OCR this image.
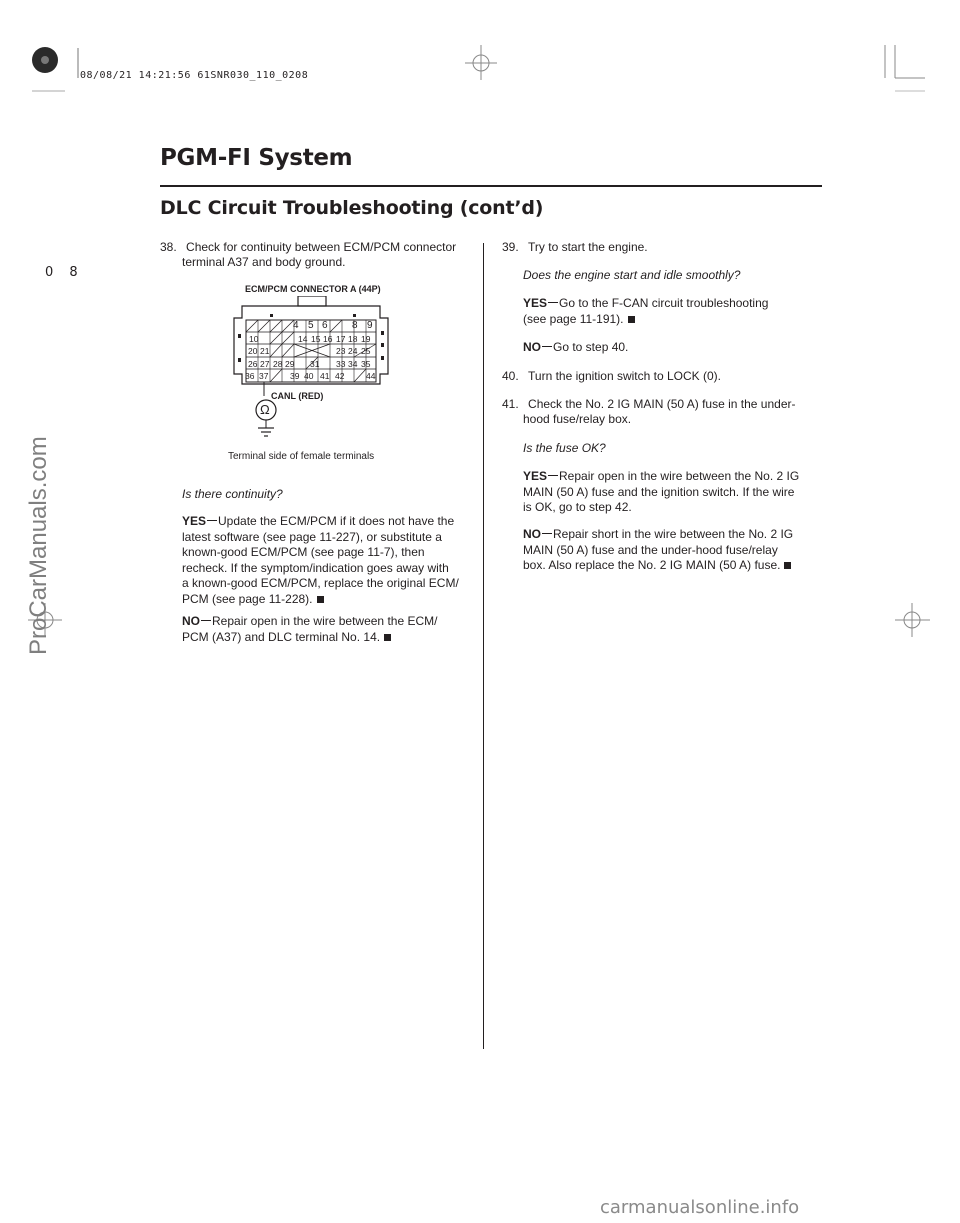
08/08/21 14:21:56 61SNR030_110_0208
0 8
PGM-FI System
DLC Circuit Troubleshooting (cont’d)
38. Check for continuity between ECM/PCM connector
terminal A37 and body ground.
ECM/PCM CONNECTOR A (44P)
4 5 6 8 9
10	14 15 16 17 18 19
20 21	23 24 25
26 27 28 29 31 33 34 35
36 37	39 40 41 42	44
CANL (RED)
Ω
Terminal side of female terminals
Is there continuity?
YES Update the ECM/PCM if it does not have the
latest software (see page 11-227), or substitute a
known-good ECM/PCM (see page 11-7), then
recheck. If the symptom/indication goes away with
a known-good ECM/PCM, replace the original ECM/
PCM (see page 11-228).
NO Repair open in the wire between the ECM/
PCM (A37) and DLC terminal No. 14.
39. Try to start the engine.
Does the engine start and idle smoothly?
YES Go to the F-CAN circuit troubleshooting
(see page 11-191).
NO Go to step 40.
40. Turn the ignition switch to LOCK (0).
41. Check the No. 2 IG MAIN (50 A) fuse in the under-
hood fuse/relay box.
Is the fuse OK?
YES Repair open in the wire between the No. 2 IG
MAIN (50 A) fuse and the ignition switch. If the wire
is OK, go to step 42.
NO Repair short in the wire between the No. 2 IG
MAIN (50 A) fuse and the under-hood fuse/relay
box. Also replace the No. 2 IG MAIN (50 A) fuse.
ProCarManuals.com
carmanualsonline.info
